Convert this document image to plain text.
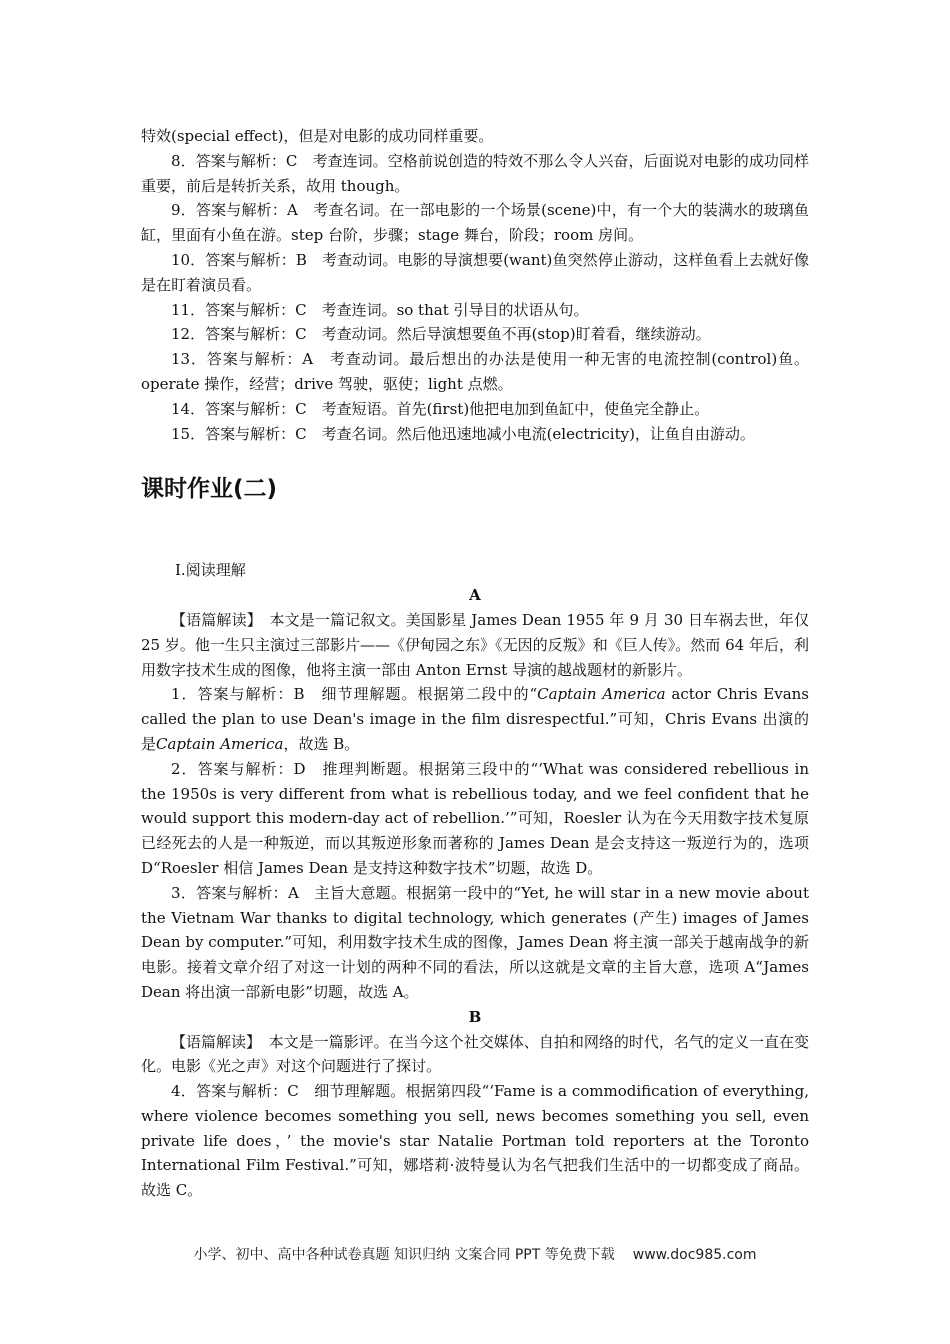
特效(special effect)，但是对电影的成功同样重要。

8．答案与解析：C　考查连词。空格前说创造的特效不那么令人兴奋，后面说对电影的成功同样重要，前后是转折关系，故用 though。

9．答案与解析：A　考查名词。在一部电影的一个场景(scene)中，有一个大的装满水的玻璃鱼缸，里面有小鱼在游。step 台阶，步骤；stage 舞台，阶段；room 房间。

10．答案与解析：B　考查动词。电影的导演想要(want)鱼突然停止游动，这样鱼看上去就好像是在盯着演员看。

11．答案与解析：C　考查连词。so that 引导目的状语从句。

12．答案与解析：C　考查动词。然后导演想要鱼不再(stop)盯着看，继续游动。

13．答案与解析：A　考查动词。最后想出的办法是使用一种无害的电流控制(control)鱼。operate 操作，经营；drive 驾驶，驱使；light 点燃。

14．答案与解析：C　考查短语。首先(first)他把电加到鱼缸中，使鱼完全静止。

15．答案与解析：C　考查名词。然后他迅速地减小电流(electricity)，让鱼自由游动。

课时作业(二)

Ⅰ.阅读理解

A

【语篇解读】　本文是一篇记叙文。美国影星 James Dean 1955 年 9 月 30 日车祸去世，年仅 25 岁。他一生只主演过三部影片——《伊甸园之东》《无因的反叛》和《巨人传》。然而 64 年后，利用数字技术生成的图像，他将主演一部由 Anton Ernst 导演的越战题材的新影片。

1．答案与解析：B　细节理解题。根据第二段中的“Captain America actor Chris Evans called the plan to use Dean's image in the film disrespectful.”可知，Chris Evans 出演的是Captain America，故选 B。

2．答案与解析：D　推理判断题。根据第三段中的“‘What was considered rebellious in the 1950s is very different from what is rebellious today, and we feel confident that he would support this modern-day act of rebellion.’”可知，Roesler 认为在今天用数字技术复原已经死去的人是一种叛逆，而以其叛逆形象而著称的 James Dean 是会支持这一叛逆行为的，选项 D“Roesler 相信 James Dean 是支持这种数字技术”切题，故选 D。

3．答案与解析：A　主旨大意题。根据第一段中的“Yet, he will star in a new movie about the Vietnam War thanks to digital technology, which generates (产生) images of James Dean by computer.”可知，利用数字技术生成的图像，James Dean 将主演一部关于越南战争的新电影。接着文章介绍了对这一计划的两种不同的看法，所以这就是文章的主旨大意，选项 A“James Dean 将出演一部新电影”切题，故选 A。

B

【语篇解读】　本文是一篇影评。在当今这个社交媒体、自拍和网络的时代，名气的定义一直在变化。电影《光之声》对这个问题进行了探讨。

4．答案与解析：C　细节理解题。根据第四段“‘Fame is a commodification of everything, where violence becomes something you sell, news becomes something you sell, even private life does，’ the movie's star Natalie Portman told reporters at the Toronto International Film Festival.”可知，娜塔莉·波特曼认为名气把我们生活中的一切都变成了商品。故选 C。

小学、初中、高中各种试卷真题 知识归纳 文案合同 PPT 等免费下载 www.doc985.com
